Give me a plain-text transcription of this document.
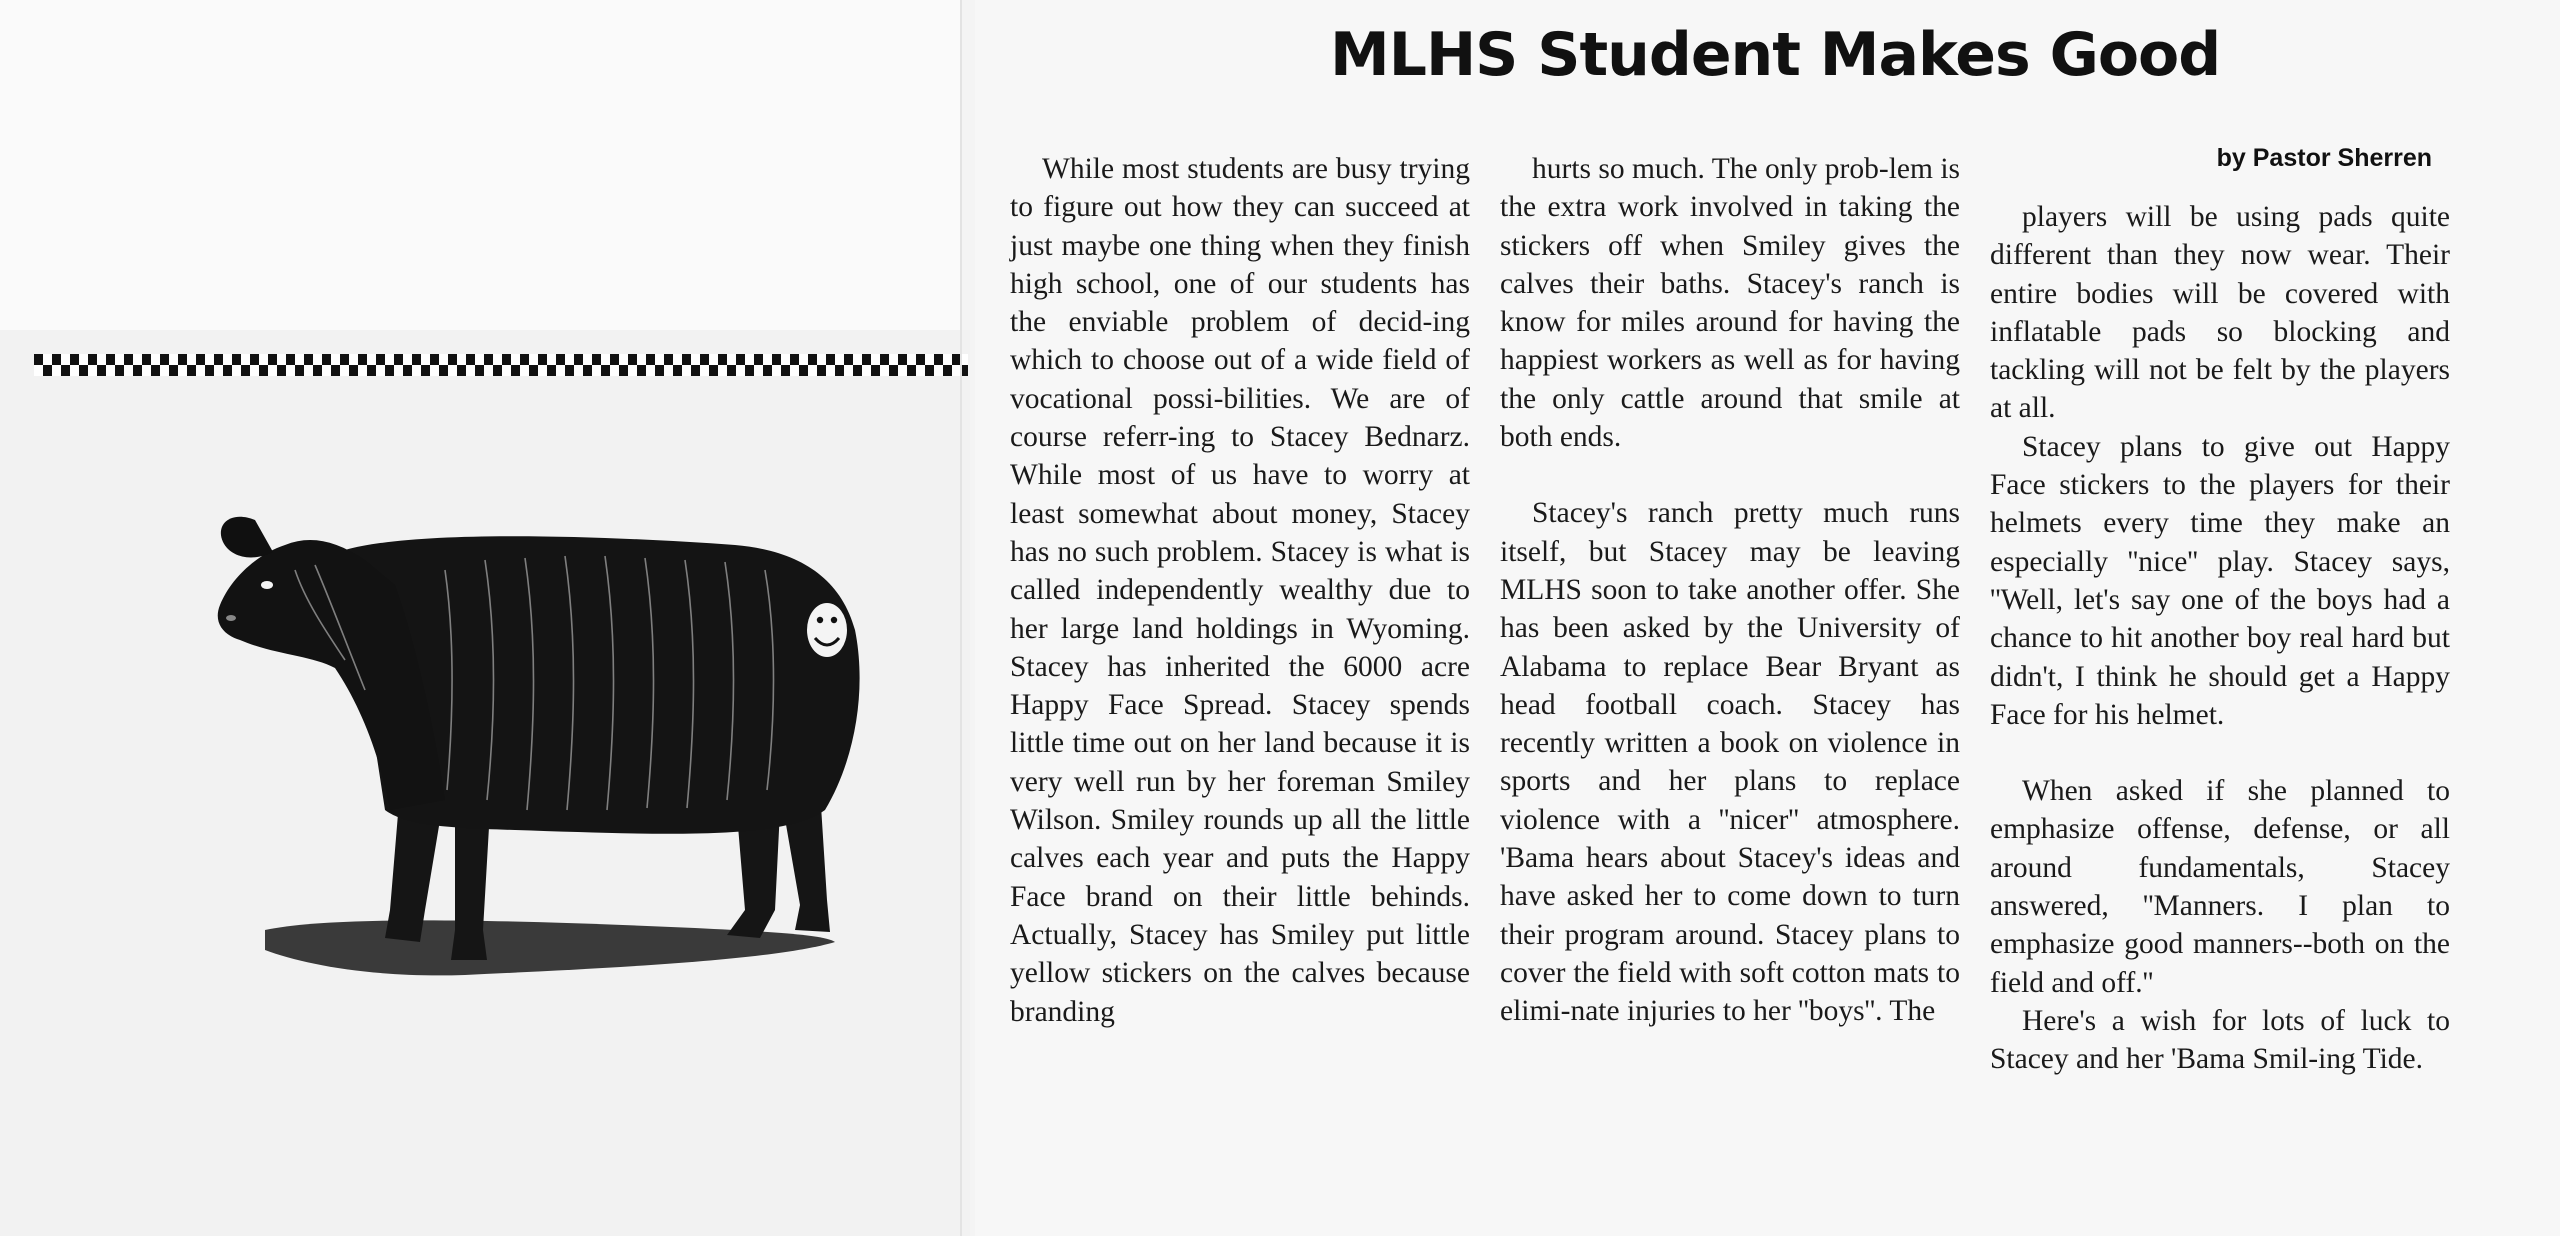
MLHS Student Makes Good
by Pastor Sherren

While most students are busy trying to figure out how they can succeed at just maybe one thing when they finish high school, one of our students has the enviable problem of decid-ing which to choose out of a wide field of vocational possi-bilities. We are of course referr-ing to Stacey Bednarz. While most of us have to worry at least somewhat about money, Stacey has no such problem. Stacey is what is called independently wealthy due to her large land holdings in Wyoming. Stacey has inherited the 6000 acre Happy Face Spread. Stacey spends little time out on her land because it is very well run by her foreman Smiley Wilson. Smiley rounds up all the little calves each year and puts the Happy Face brand on their little behinds. Actually, Stacey has Smiley put little yellow stickers on the calves because branding

hurts so much. The only prob-lem is the extra work involved in taking the stickers off when Smiley gives the calves their baths. Stacey's ranch is know for miles around for having the happiest workers as well as for having the only cattle around that smile at both ends.

Stacey's ranch pretty much runs itself, but Stacey may be leaving MLHS soon to take another offer. She has been asked by the University of Alabama to replace Bear Bryant as head football coach. Stacey has recently written a book on violence in sports and her plans to replace violence with a ''nicer'' atmosphere. 'Bama hears about Stacey's ideas and have asked her to come down to turn their program around. Stacey plans to cover the field with soft cotton mats to elimi-nate injuries to her ''boys''. The

players will be using pads quite different than they now wear. Their entire bodies will be covered with inflatable pads so blocking and tackling will not be felt by the players at all.

Stacey plans to give out Happy Face stickers to the players for their helmets every time they make an especially ''nice'' play. Stacey says, ''Well, let's say one of the boys had a chance to hit another boy real hard but didn't, I think he should get a Happy Face for his helmet.

When asked if she planned to emphasize offense, defense, or all around fundamentals, Stacey answered, ''Manners. I plan to emphasize good manners--both on the field and off.''

Here's a wish for lots of luck to Stacey and her 'Bama Smil-ing Tide.
